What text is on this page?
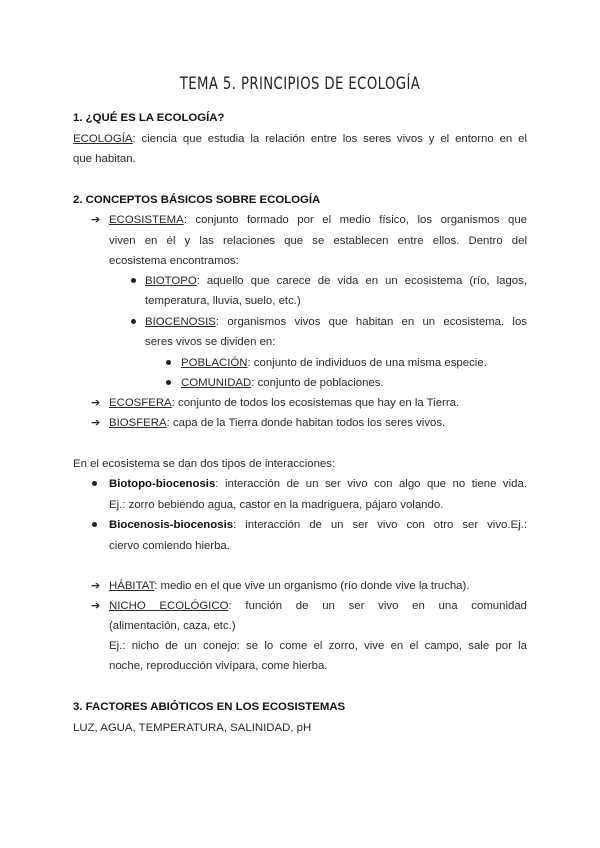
TEMA 5. PRINCIPIOS DE ECOLOGÍA
1. ¿QUÉ ES LA ECOLOGÍA?
ECOLOGÍA: ciencia que estudia la relación entre los seres vivos y el entorno en el
que habitan.
2. CONCEPTOS BÁSICOS SOBRE ECOLOGÍA
➔ ECOSISTEMA: conjunto formado por el medio físico, los organismos que
viven en él y las relaciones que se establecen entre ellos. Dentro del
ecosistema encontramos:
BIOTOPO: aquello que carece de vida en un ecosistema (río, lagos,
temperatura, lluvia, suelo, etc.)
BIOCENOSIS: organismos vivos que habitan en un ecosistema. los
seres vivos se dividen en:
POBLACIÓN: conjunto de individuos de una misma especie.
COMUNIDAD: conjunto de poblaciones.
➔ ECOSFERA: conjunto de todos los ecosistemas que hay en la Tierra.
➔ BIOSFERA: capa de la Tierra donde habitan todos los seres vivos.
En el ecosistema se dan dos tipos de interacciones:
Biotopo-biocenosis: interacción de un ser vivo con algo que no tiene vida.
Ej.: zorro bebiendo agua, castor en la madriguera, pájaro volando.
Biocenosis-biocenosis: interacción de un ser vivo con otro ser vivo.Ej.:
ciervo comiendo hierba.
➔ HÁBITAT: medio en el que vive un organismo (río donde vive la trucha).
➔ NICHO ECOLÓGICO: función de un ser vivo en una comunidad
(alimentación, caza, etc.)
Ej.: nicho de un conejo: se lo come el zorro, vive en el campo, sale por la
noche, reproducción vivípara, come hierba.
3. FACTORES ABIÓTICOS EN LOS ECOSISTEMAS
LUZ, AGUA, TEMPERATURA, SALINIDAD, pH
